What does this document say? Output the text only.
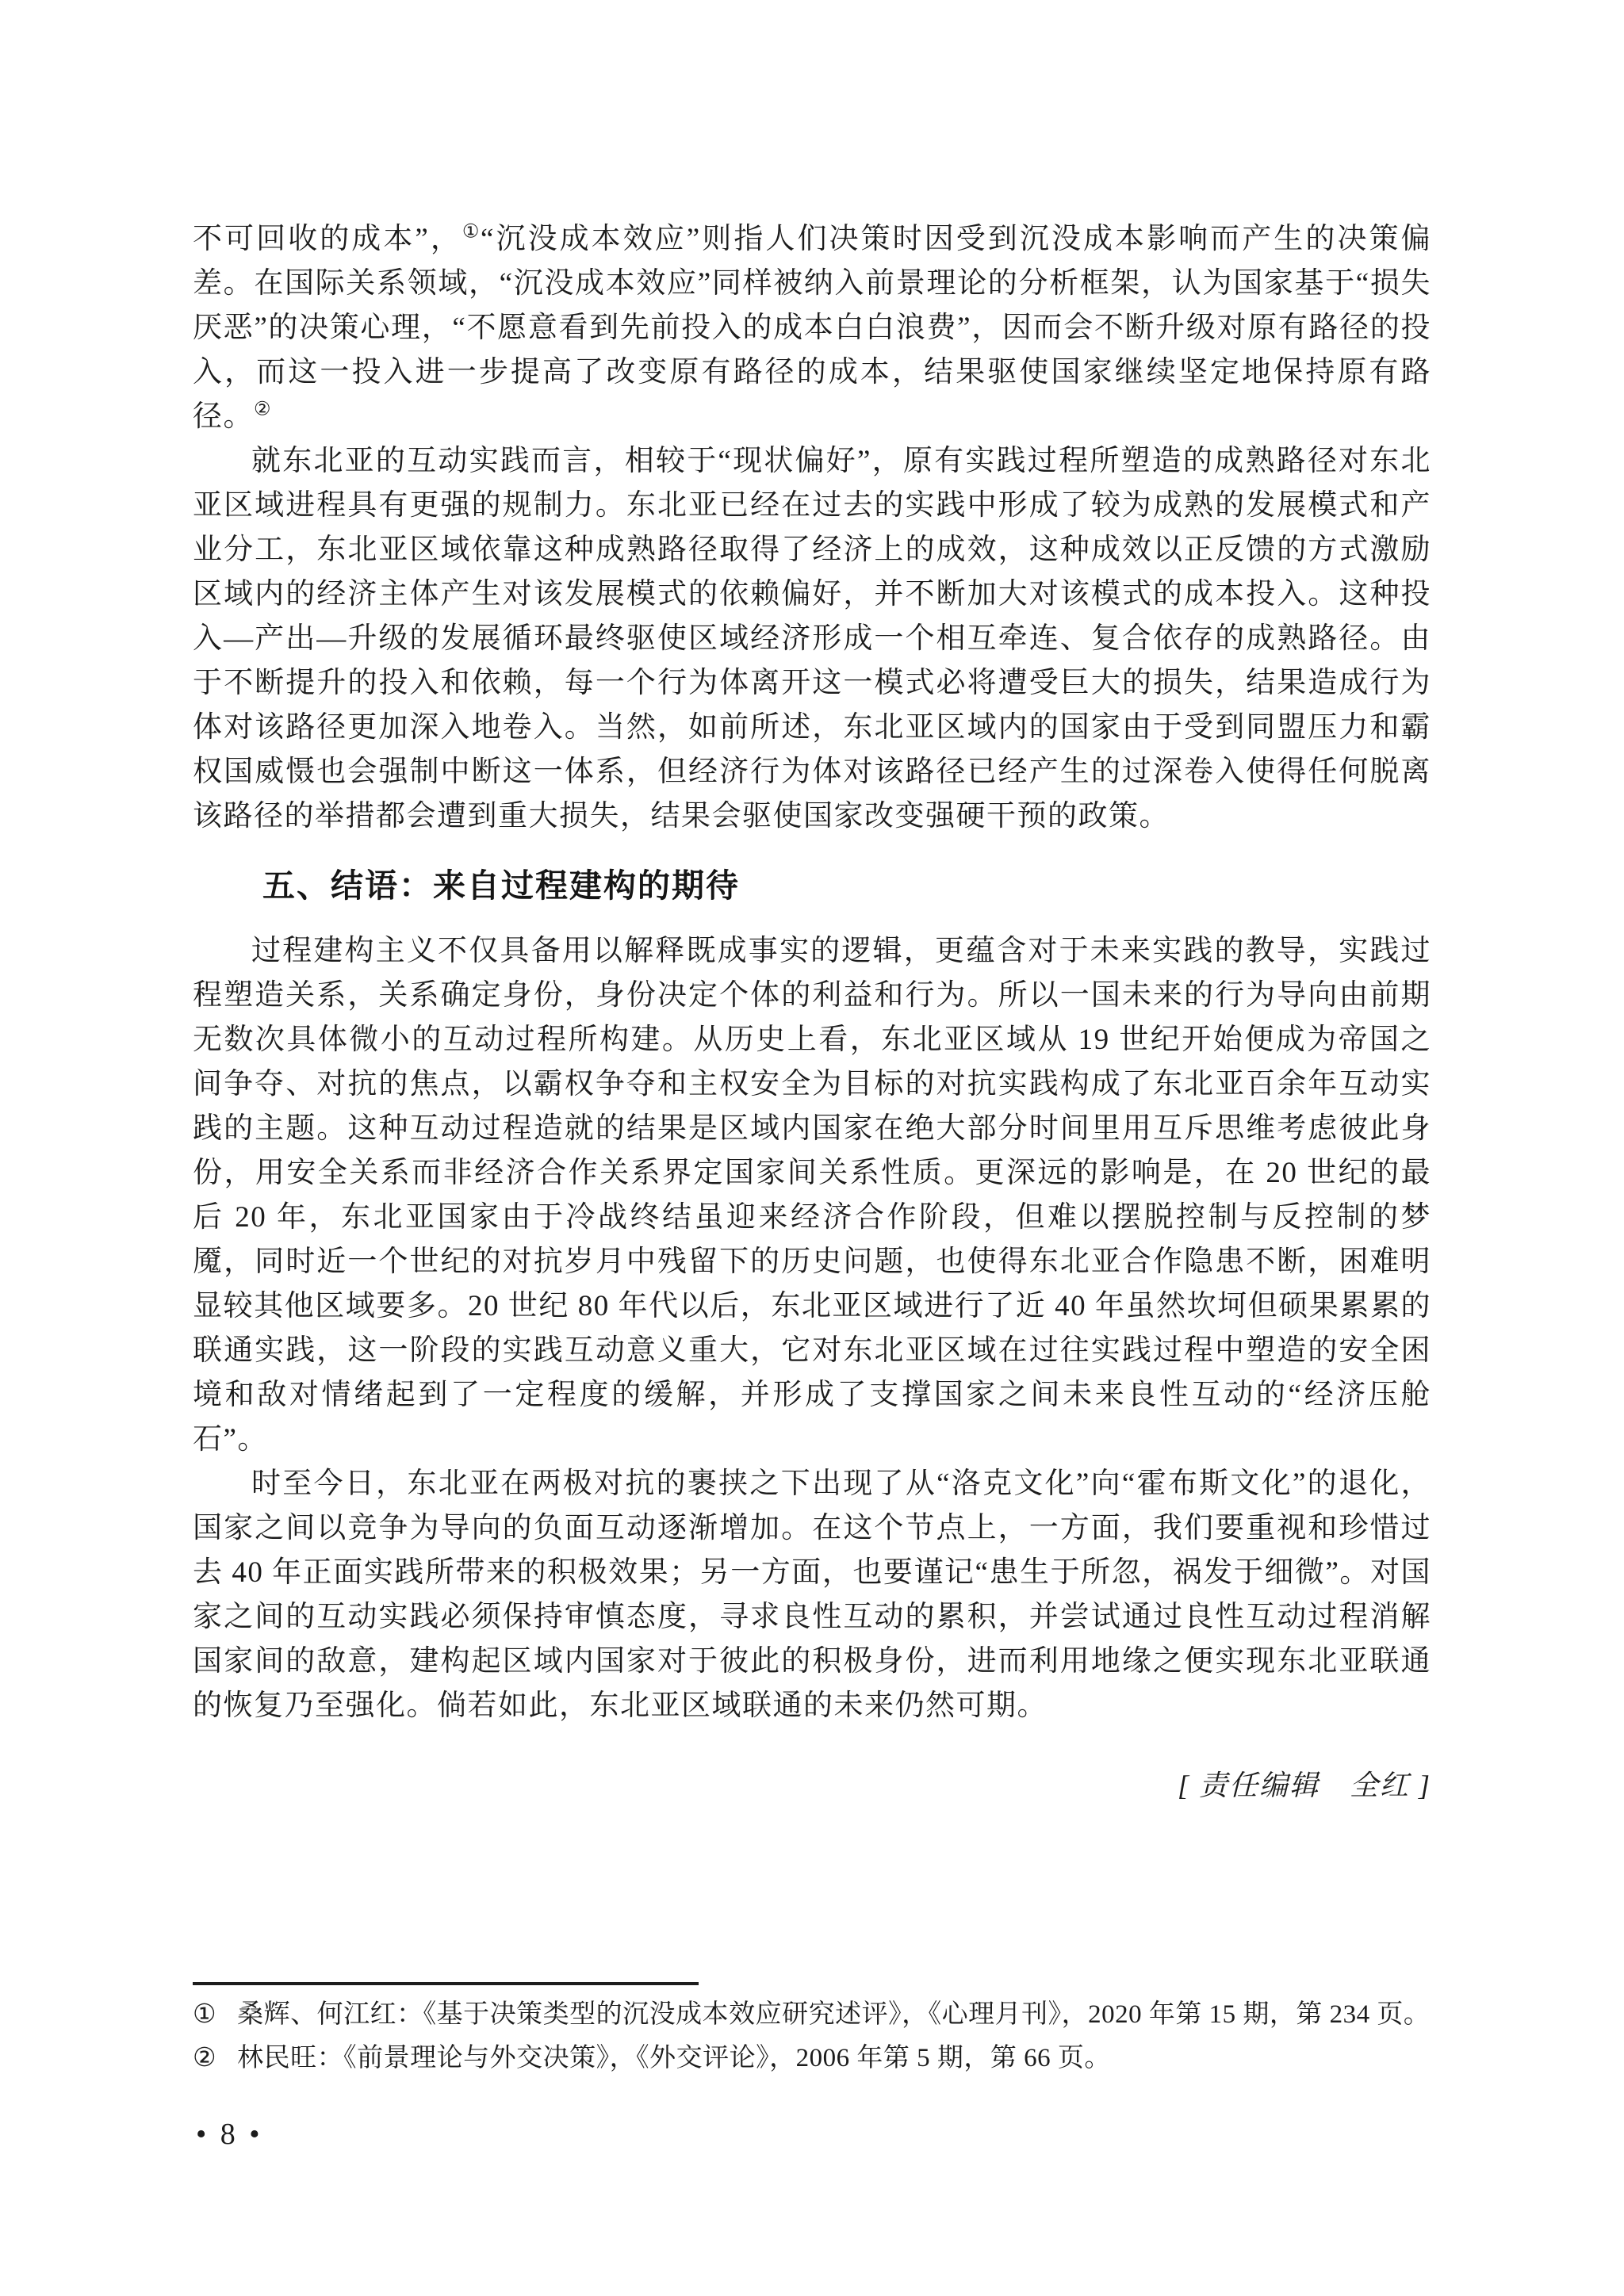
不可回收的成本”，①“沉没成本效应”则指人们决策时因受到沉没成本影响而产生的决策偏差。在国际关系领域，“沉没成本效应”同样被纳入前景理论的分析框架，认为国家基于“损失厌恶”的决策心理，“不愿意看到先前投入的成本白白浪费”，因而会不断升级对原有路径的投入，而这一投入进一步提高了改变原有路径的成本，结果驱使国家继续坚定地保持原有路径。②

就东北亚的互动实践而言，相较于“现状偏好”，原有实践过程所塑造的成熟路径对东北亚区域进程具有更强的规制力。东北亚已经在过去的实践中形成了较为成熟的发展模式和产业分工，东北亚区域依靠这种成熟路径取得了经济上的成效，这种成效以正反馈的方式激励区域内的经济主体产生对该发展模式的依赖偏好，并不断加大对该模式的成本投入。这种投入—产出—升级的发展循环最终驱使区域经济形成一个相互牵连、复合依存的成熟路径。由于不断提升的投入和依赖，每一个行为体离开这一模式必将遭受巨大的损失，结果造成行为体对该路径更加深入地卷入。当然，如前所述，东北亚区域内的国家由于受到同盟压力和霸权国威慑也会强制中断这一体系，但经济行为体对该路径已经产生的过深卷入使得任何脱离该路径的举措都会遭到重大损失，结果会驱使国家改变强硬干预的政策。

五、结语：来自过程建构的期待

过程建构主义不仅具备用以解释既成事实的逻辑，更蕴含对于未来实践的教导，实践过程塑造关系，关系确定身份，身份决定个体的利益和行为。所以一国未来的行为导向由前期无数次具体微小的互动过程所构建。从历史上看，东北亚区域从 19 世纪开始便成为帝国之间争夺、对抗的焦点，以霸权争夺和主权安全为目标的对抗实践构成了东北亚百余年互动实践的主题。这种互动过程造就的结果是区域内国家在绝大部分时间里用互斥思维考虑彼此身份，用安全关系而非经济合作关系界定国家间关系性质。更深远的影响是，在 20 世纪的最后 20 年，东北亚国家由于冷战终结虽迎来经济合作阶段，但难以摆脱控制与反控制的梦魇，同时近一个世纪的对抗岁月中残留下的历史问题，也使得东北亚合作隐患不断，困难明显较其他区域要多。20 世纪 80 年代以后，东北亚区域进行了近 40 年虽然坎坷但硕果累累的联通实践，这一阶段的实践互动意义重大，它对东北亚区域在过往实践过程中塑造的安全困境和敌对情绪起到了一定程度的缓解，并形成了支撑国家之间未来良性互动的“经济压舱石”。

时至今日，东北亚在两极对抗的裹挟之下出现了从“洛克文化”向“霍布斯文化”的退化，国家之间以竞争为导向的负面互动逐渐增加。在这个节点上，一方面，我们要重视和珍惜过去 40 年正面实践所带来的积极效果；另一方面，也要谨记“患生于所忽，祸发于细微”。对国家之间的互动实践必须保持审慎态度，寻求良性互动的累积，并尝试通过良性互动过程消解国家间的敌意，建构起区域内国家对于彼此的积极身份，进而利用地缘之便实现东北亚联通的恢复乃至强化。倘若如此，东北亚区域联通的未来仍然可期。

[ 责任编辑　全红 ]

① 桑辉、何江红：《基于决策类型的沉没成本效应研究述评》，《心理月刊》，2020 年第 15 期，第 234 页。

② 林民旺：《前景理论与外交决策》，《外交评论》，2006 年第 5 期，第 66 页。

• 8 •
